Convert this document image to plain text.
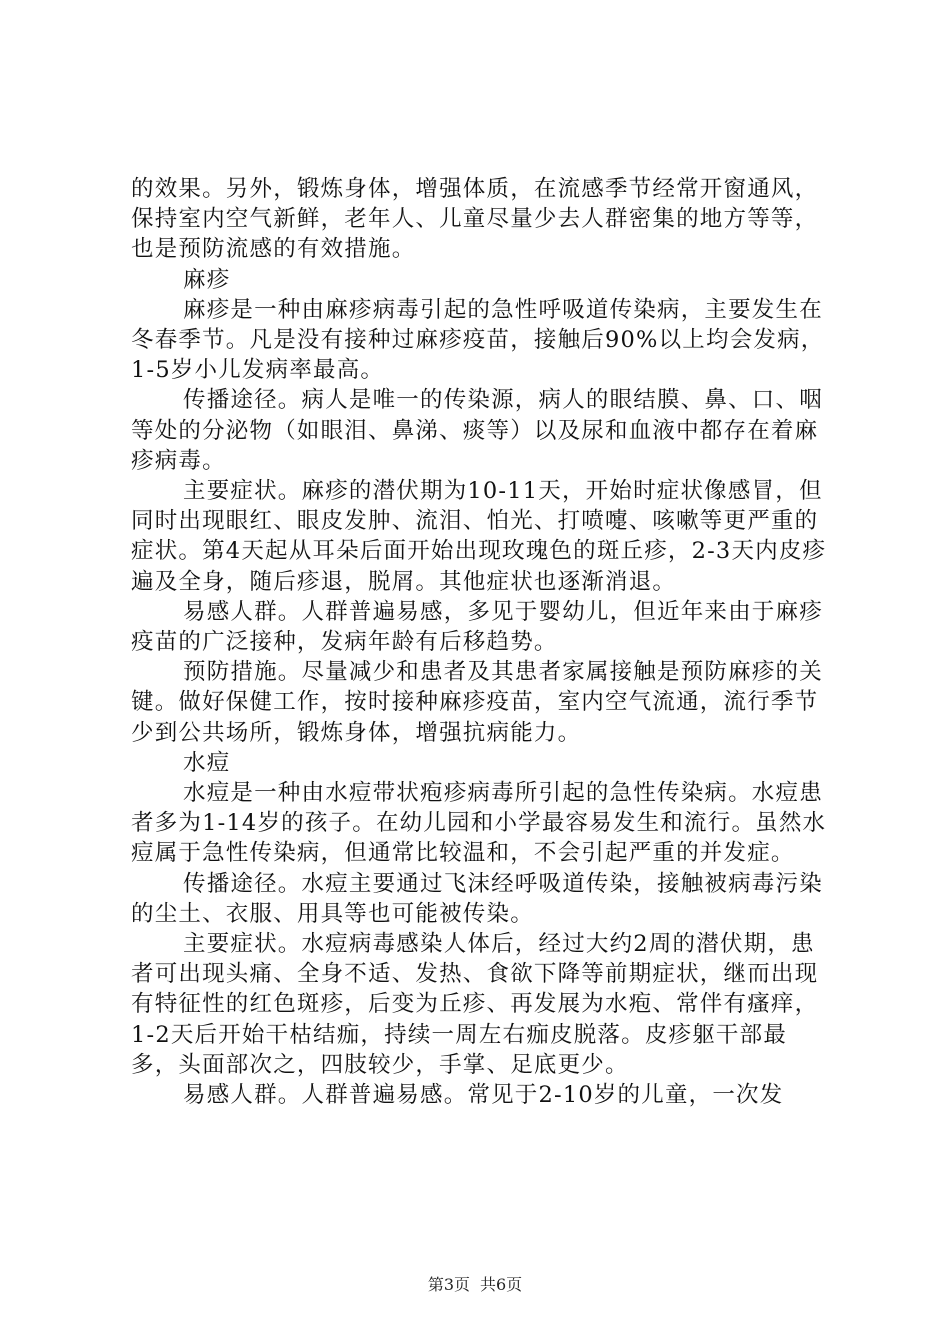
的效果。另外，锻炼身体，增强体质，在流感季节经常开窗通风，保持室内空气新鲜，老年人、儿童尽量少去人群密集的地方等等，也是预防流感的有效措施。

麻疹

麻疹是一种由麻疹病毒引起的急性呼吸道传染病，主要发生在冬春季节。凡是没有接种过麻疹疫苗，接触后90%以上均会发病，1-5岁小儿发病率最高。

传播途径。病人是唯一的传染源，病人的眼结膜、鼻、口、咽等处的分泌物（如眼泪、鼻涕、痰等）以及尿和血液中都存在着麻疹病毒。

主要症状。麻疹的潜伏期为10-11天，开始时症状像感冒，但同时出现眼红、眼皮发肿、流泪、怕光、打喷嚏、咳嗽等更严重的症状。第4天起从耳朵后面开始出现玫瑰色的斑丘疹，2-3天内皮疹遍及全身，随后疹退，脱屑。其他症状也逐渐消退。

易感人群。人群普遍易感，多见于婴幼儿，但近年来由于麻疹疫苗的广泛接种，发病年龄有后移趋势。

预防措施。尽量减少和患者及其患者家属接触是预防麻疹的关键。做好保健工作，按时接种麻疹疫苗，室内空气流通，流行季节少到公共场所，锻炼身体，增强抗病能力。

水痘

水痘是一种由水痘带状疱疹病毒所引起的急性传染病。水痘患者多为1-14岁的孩子。在幼儿园和小学最容易发生和流行。虽然水痘属于急性传染病，但通常比较温和，不会引起严重的并发症。

传播途径。水痘主要通过飞沫经呼吸道传染，接触被病毒污染的尘土、衣服、用具等也可能被传染。

主要症状。水痘病毒感染人体后，经过大约2周的潜伏期，患者可出现头痛、全身不适、发热、食欲下降等前期症状，继而出现有特征性的红色斑疹，后变为丘疹、再发展为水疱、常伴有瘙痒，1-2天后开始干枯结痂，持续一周左右痂皮脱落。皮疹躯干部最多，头面部次之，四肢较少，手掌、足底更少。

易感人群。人群普遍易感。常见于2-10岁的儿童，一次发

第3页 共6页
